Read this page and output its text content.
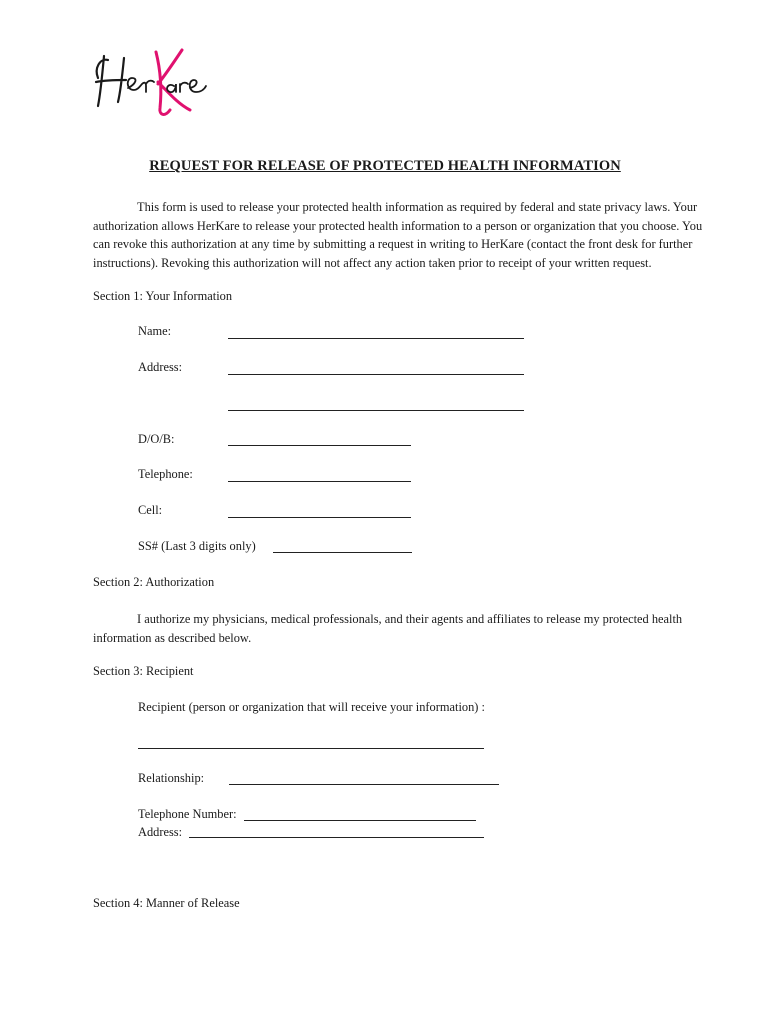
REQUEST FOR RELEASE OF PROTECTED HEALTH INFORMATION
This form is used to release your protected health information as required by federal and state privacy laws. Your authorization allows HerKare to release your protected health information to a person or organization that you choose. You can revoke this authorization at any time by submitting a request in writing to HerKare (contact the front desk for further instructions). Revoking this authorization will not affect any action taken prior to receipt of your written request.
Section 1: Your Information
Name:
Address:
D/O/B:
Telephone:
Cell:
SS# (Last 3 digits only)
Section 2: Authorization
I authorize my physicians, medical professionals, and their agents and affiliates to release my protected health information as described below.
Section 3: Recipient
Recipient (person or organization that will receive your information) :
Relationship:
Telephone Number:
Address:
Section 4: Manner of Release
